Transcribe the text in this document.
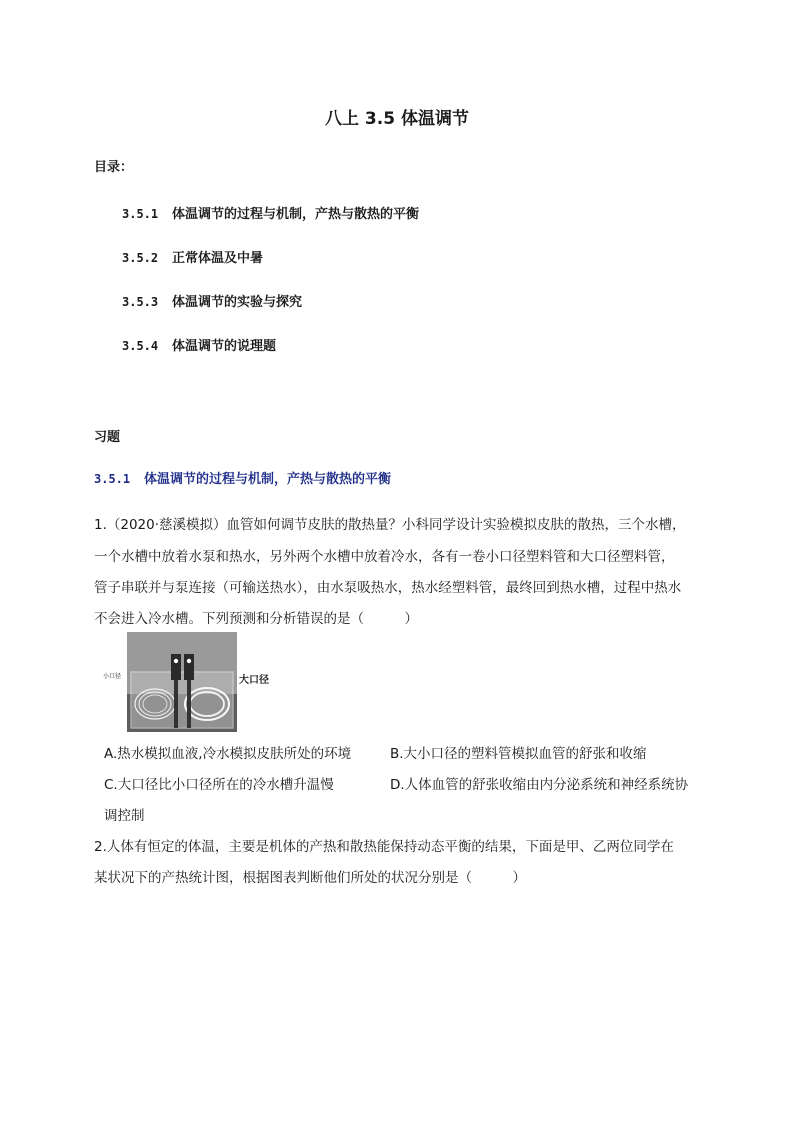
八上 3.5 体温调节
目录：
3.5.1 体温调节的过程与机制，产热与散热的平衡
3.5.2 正常体温及中暑
3.5.3 体温调节的实验与探究
3.5.4 体温调节的说理题
习题
3.5.1 体温调节的过程与机制，产热与散热的平衡
1.（2020·慈溪模拟）血管如何调节皮肤的散热量？小科同学设计实验模拟皮肤的散热，三个水槽，
一个水槽中放着水泵和热水，另外两个水槽中放着冷水，各有一卷小口径塑料管和大口径塑料管，
管子串联并与泵连接（可输送热水），由水泵吸热水，热水经塑料管，最终回到热水槽，过程中热水
不会进入冷水槽。下列预测和分析错误的是（　　　）
小口径	大口径
A.热水模拟血液,冷水模拟皮肤所处的环境	B.大小口径的塑料管模拟血管的舒张和收缩
C.大口径比小口径所在的冷水槽升温慢	D.人体血管的舒张收缩由内分泌系统和神经系统协
调控制
2.人体有恒定的体温，主要是机体的产热和散热能保持动态平衡的结果，下面是甲、乙两位同学在
某状况下的产热统计图，根据图表判断他们所处的状况分别是（　　　）
